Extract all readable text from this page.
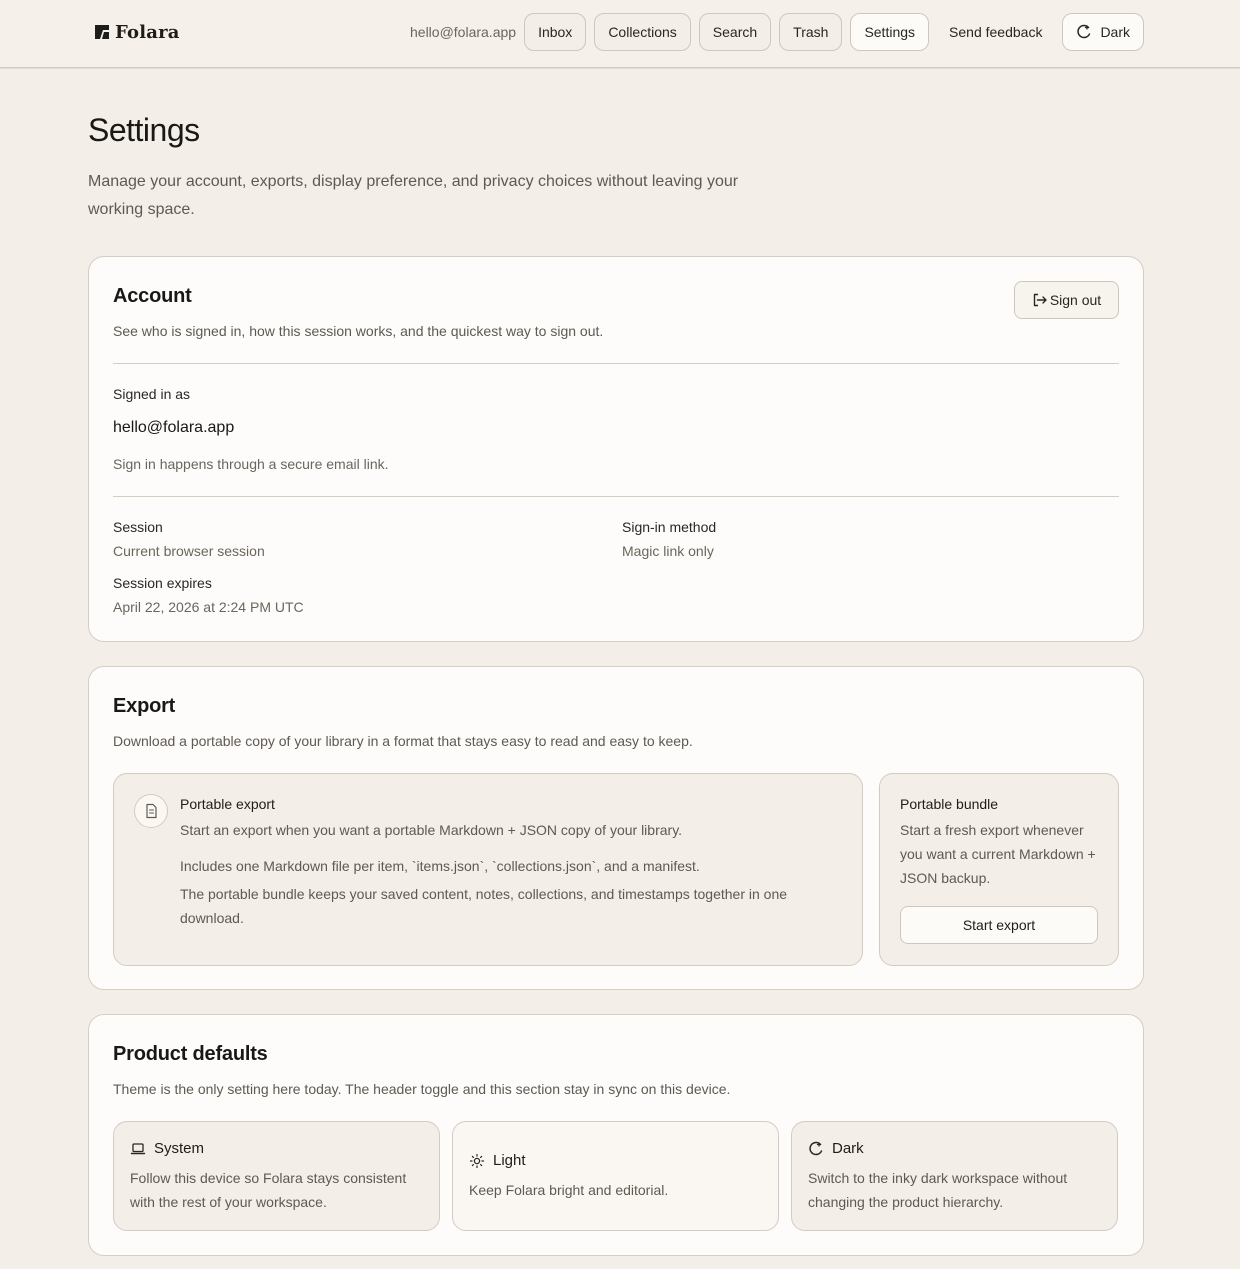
Folara	hello@folara.app	Inbox	Collections	Search	Trash	Settings	Send feedback	Dark
Settings

Manage your account, exports, display preference, and privacy choices without leaving your working space.

Account

See who is signed in, how this session works, and the quickest way to sign out.

Sign out
Signed in as
hello@folara.app
Sign in happens through a secure email link.
Session
Current browser session
Sign-in method
Magic link only
Session expires
April 22, 2026 at 2:24 PM UTC
Export

Download a portable copy of your library in a format that stays easy to read and easy to keep.

Portable export
Start an export when you want a portable Markdown + JSON copy of your library.
Includes one Markdown file per item, `items.json`, `collections.json`, and a manifest.
The portable bundle keeps your saved content, notes, collections, and timestamps together in one download.
Portable bundle
Start a fresh export whenever you want a current Markdown + JSON backup.
Start export
Product defaults

Theme is the only setting here today. The header toggle and this section stay in sync on this device.

System
Follow this device so Folara stays consistent with the rest of your workspace.
Light
Keep Folara bright and editorial.
Dark
Switch to the inky dark workspace without changing the product hierarchy.
